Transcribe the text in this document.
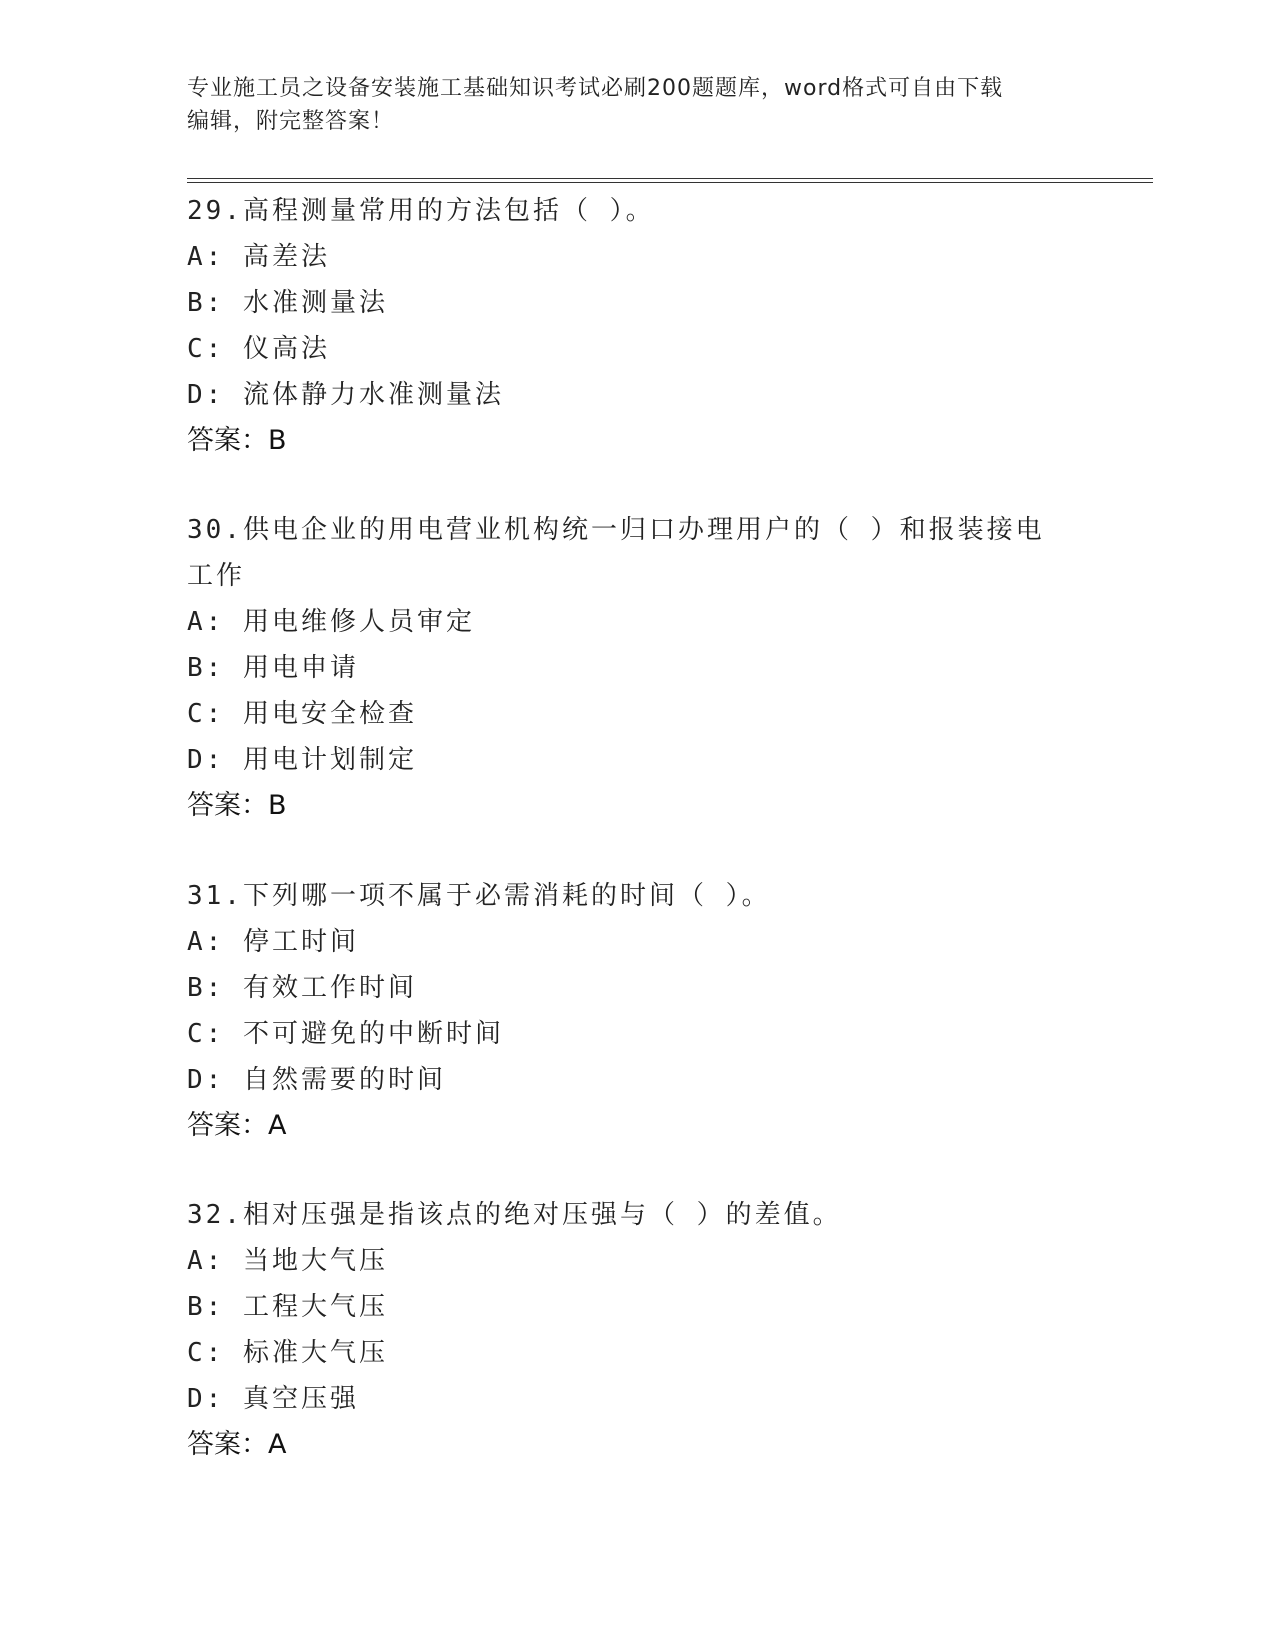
专业施工员之设备安装施工基础知识考试必刷200题题库，word格式可自由下载
编辑，附完整答案！

29.高程测量常用的方法包括（ ）。

A: 高差法

B: 水准测量法

C: 仪高法

D: 流体静力水准测量法

答案：B

30.供电企业的用电营业机构统一归口办理用户的（ ）和报装接电工作

A: 用电维修人员审定

B: 用电申请

C: 用电安全检查

D: 用电计划制定

答案：B

31.下列哪一项不属于必需消耗的时间（ ）。

A: 停工时间

B: 有效工作时间

C: 不可避免的中断时间

D: 自然需要的时间

答案：A

32.相对压强是指该点的绝对压强与（ ）的差值。

A: 当地大气压

B: 工程大气压

C: 标准大气压

D: 真空压强

答案：A
